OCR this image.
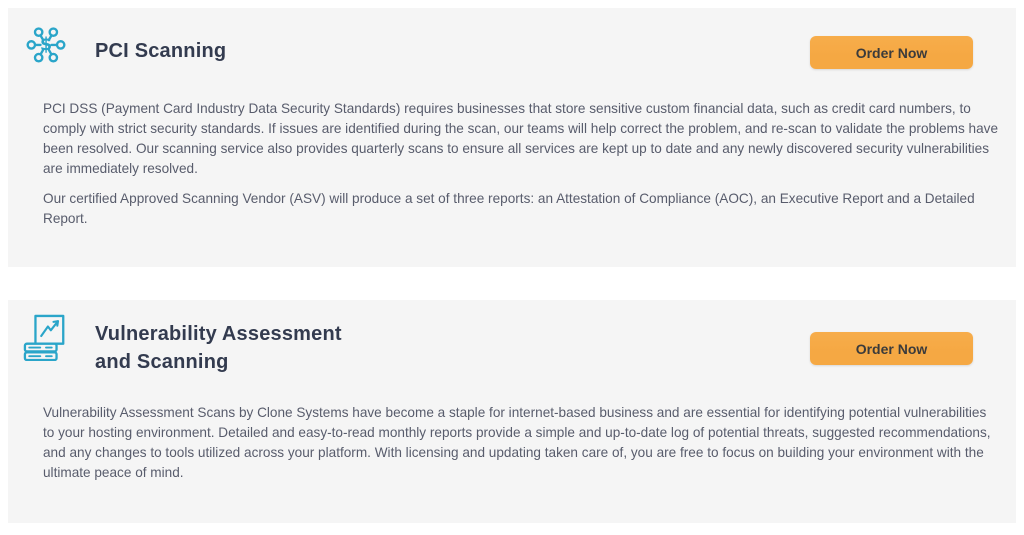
$ PCI Scanning	Order Now

PCI DSS (Payment Card Industry Data Security Standards) requires businesses that store sensitive custom financial data, such as credit card numbers, to comply with strict security standards. If issues are identified during the scan, our teams will help correct the problem, and re-scan to validate the problems have been resolved. Our scanning service also provides quarterly scans to ensure all services are kept up to date and any newly discovered security vulnerabilities are immediately resolved.

Our certified Approved Scanning Vendor (ASV) will produce a set of three reports: an Attestation of Compliance (AOC), an Executive Report and a Detailed Report.

Vulnerability Assessment and Scanning
Order Now

Vulnerability Assessment Scans by Clone Systems have become a staple for internet-based business and are essential for identifying potential vulnerabilities to your hosting environment. Detailed and easy-to-read monthly reports provide a simple and up-to-date log of potential threats, suggested recommendations, and any changes to tools utilized across your platform. With licensing and updating taken care of, you are free to focus on building your environment with the ultimate peace of mind.
